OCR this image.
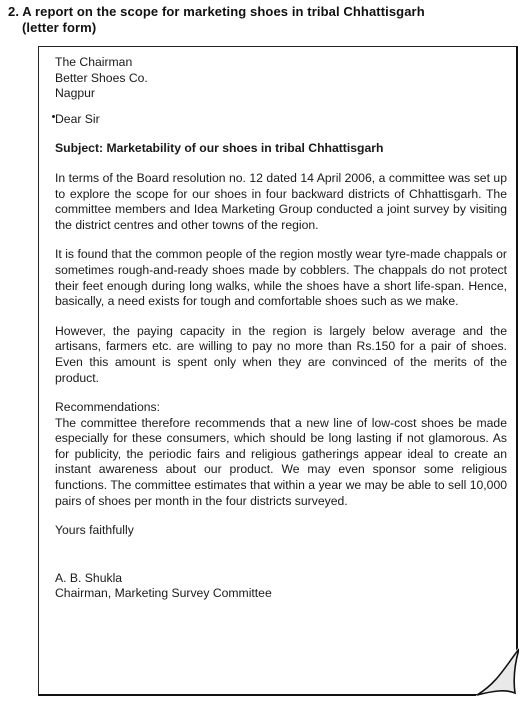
2. A report on the scope for marketing shoes in tribal Chhattisgarh
(letter form)
The Chairman
Better Shoes Co.
Nagpur
Dear Sir
Subject: Marketability of our shoes in tribal Chhattisgarh
In terms of the Board resolution no. 12 dated 14 April 2006, a committee was set up to explore the scope for our shoes in four backward districts of Chhattisgarh. The committee members and Idea Marketing Group conducted a joint survey by visiting the district centres and other towns of the region.
It is found that the common people of the region mostly wear tyre-made chappals or sometimes rough-and-ready shoes made by cobblers. The chappals do not protect their feet enough during long walks, while the shoes have a short life-span. Hence, basically, a need exists for tough and comfortable shoes such as we make.
However, the paying capacity in the region is largely below average and the artisans, farmers etc. are willing to pay no more than Rs.150 for a pair of shoes. Even this amount is spent only when they are convinced of the merits of the product.
Recommendations:
The committee therefore recommends that a new line of low-cost shoes be made especially for these consumers, which should be long lasting if not glamorous. As for publicity, the periodic fairs and religious gatherings appear ideal to create an instant awareness about our product. We may even sponsor some religious functions. The committee estimates that within a year we may be able to sell 10,000 pairs of shoes per month in the four districts surveyed.
Yours faithfully
A. B. Shukla
Chairman, Marketing Survey Committee
